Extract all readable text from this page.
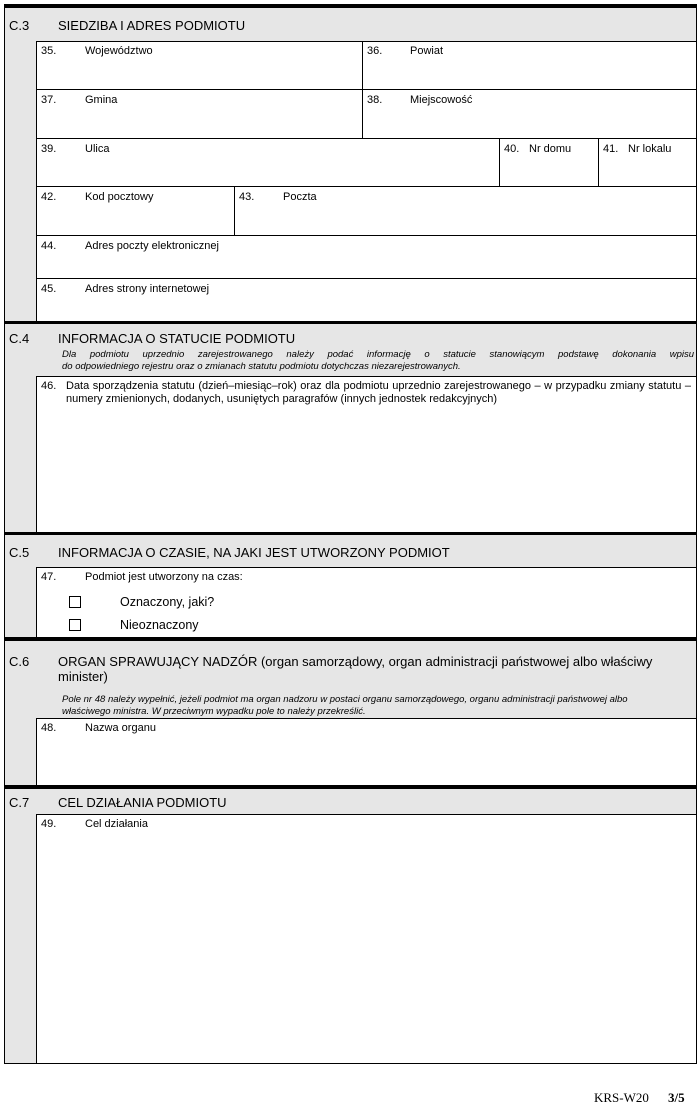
C.3 SIEDZIBA I ADRES PODMIOTU
35.	Województwo	36.	Powiat
37.	Gmina	38.	Miejscowość
39.	Ulica	40. Nr domu	41. Nr lokalu
42.	Kod pocztowy	43.	Poczta
44.	Adres poczty elektronicznej
45.	Adres strony internetowej
C.4 INFORMACJA O STATUCIE PODMIOTU
Dla podmiotu uprzednio zarejestrowanego należy podać informację o statucie stanowiącym podstawę dokonania wpisu
do odpowiedniego rejestru oraz o zmianach statutu podmiotu dotychczas niezarejestrowanych.
46. Data sporządzenia statutu (dzień–miesiąc–rok) oraz dla podmiotu uprzednio zarejestrowanego – w przypadku zmiany statutu –
numery zmienionych, dodanych, usuniętych paragrafów (innych jednostek redakcyjnych)
C.5 INFORMACJA O CZASIE, NA JAKI JEST UTWORZONY PODMIOT
47.	Podmiot jest utworzony na czas:
Oznaczony, jaki?
Nieoznaczony
C.6 ORGAN SPRAWUJĄCY NADZÓR (organ samorządowy, organ administracji państwowej albo właściwy
minister)
Pole nr 48 należy wypełnić, jeżeli podmiot ma organ nadzoru w postaci organu samorządowego, organu administracji państwowej albo
właściwego ministra. W przeciwnym wypadku pole to należy przekreślić.
48.	Nazwa organu
C.7 CEL DZIAŁANIA PODMIOTU
49.	Cel działania
KRS-W20 3/5
